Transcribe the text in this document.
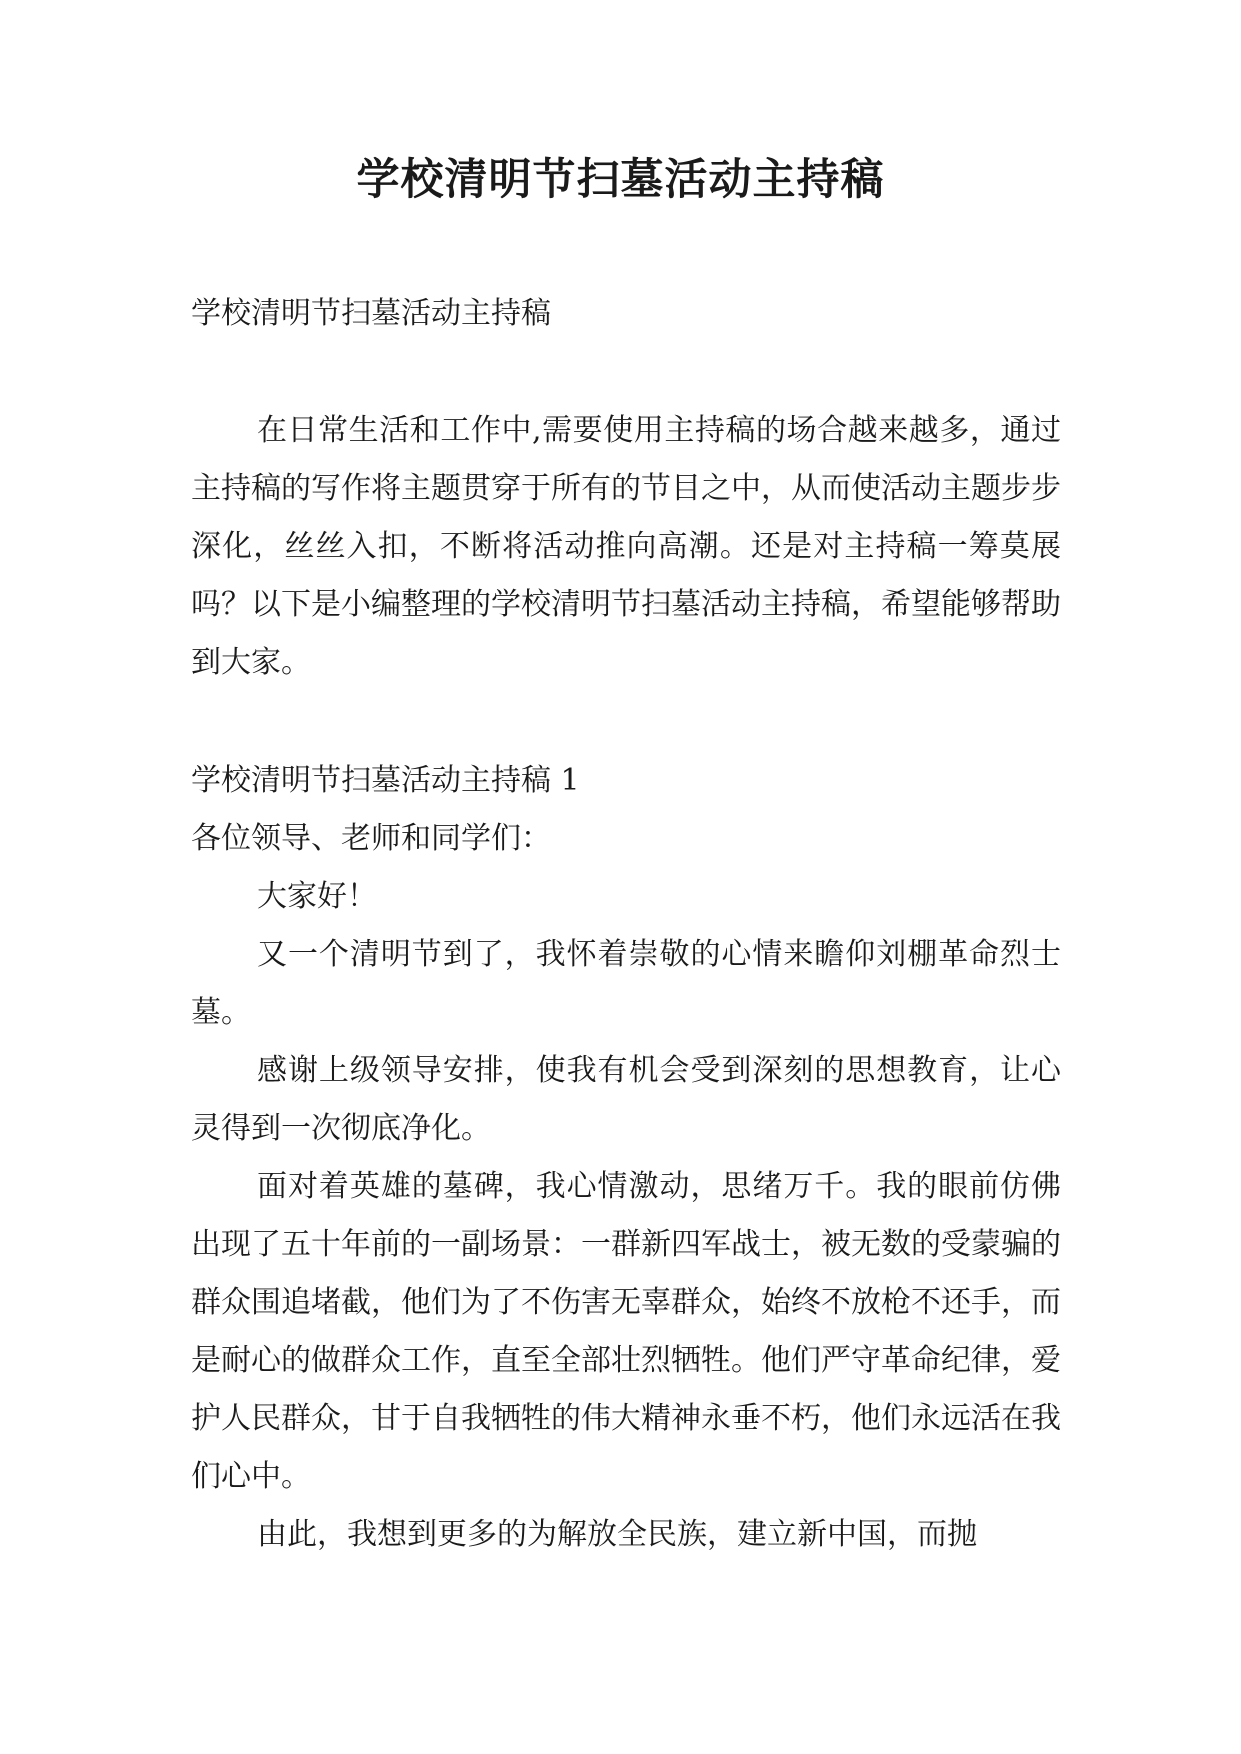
学校清明节扫墓活动主持稿

学校清明节扫墓活动主持稿

在日常生活和工作中,需要使用主持稿的场合越来越多，通过主持稿的写作将主题贯穿于所有的节目之中，从而使活动主题步步深化，丝丝入扣，不断将活动推向高潮。还是对主持稿一筹莫展吗？以下是小编整理的学校清明节扫墓活动主持稿，希望能够帮助到大家。

学校清明节扫墓活动主持稿 1

各位领导、老师和同学们：

大家好！

又一个清明节到了，我怀着崇敬的心情来瞻仰刘棚革命烈士墓。

感谢上级领导安排，使我有机会受到深刻的思想教育，让心灵得到一次彻底净化。

面对着英雄的墓碑，我心情激动，思绪万千。我的眼前仿佛出现了五十年前的一副场景：一群新四军战士，被无数的受蒙骗的群众围追堵截，他们为了不伤害无辜群众，始终不放枪不还手，而是耐心的做群众工作，直至全部壮烈牺牲。他们严守革命纪律，爱护人民群众，甘于自我牺牲的伟大精神永垂不朽，他们永远活在我们心中。

由此，我想到更多的为解放全民族，建立新中国，而抛
